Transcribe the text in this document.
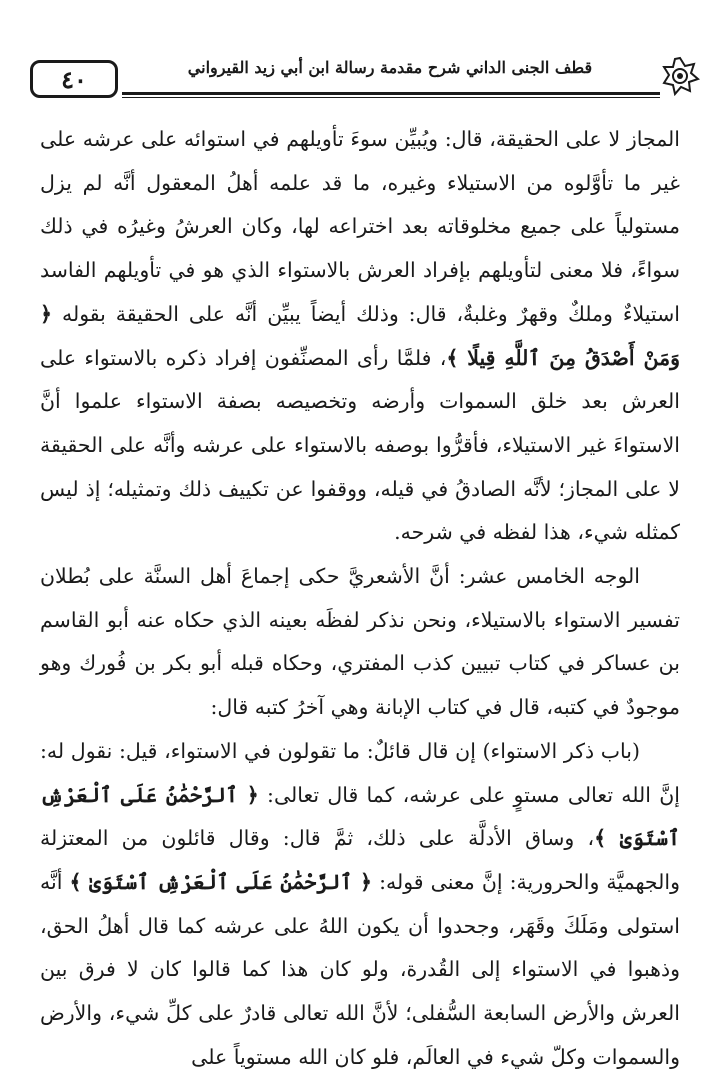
٤٠	قطف الجنى الداني شرح مقدمة رسالة ابن أبي زيد القيرواني

المجاز لا على الحقيقة، قال: ويُبيِّن سوءَ تأويلهم في استوائه على عرشه على غير ما تأوَّلوه من الاستيلاء وغيره، ما قد علمه أهلُ المعقول أنَّه لم يزل مستولياً على جميع مخلوقاته بعد اختراعه لها، وكان العرشُ وغيرُه في ذلك سواءً، فلا معنى لتأويلهم بإفراد العرش بالاستواء الذي هو في تأويلهم الفاسد استيلاءٌ وملكٌ وقهرٌ وغلبةٌ، قال: وذلك أيضاً يبيِّن أنَّه على الحقيقة بقوله ﴿ وَمَنْ أَصْدَقُ مِنَ ٱللَّهِ قِيلًا ﴾، فلمَّا رأى المصنِّفون إفراد ذكره بالاستواء على العرش بعد خلق السموات وأرضه وتخصيصه بصفة الاستواء علموا أنَّ الاستواءَ غير الاستيلاء، فأقرُّوا بوصفه بالاستواء على عرشه وأنَّه على الحقيقة لا على المجاز؛ لأنَّه الصادقُ في قيله، ووقفوا عن تكييف ذلك وتمثيله؛ إذ ليس كمثله شيء، هذا لفظه في شرحه.

الوجه الخامس عشر: أنَّ الأشعريَّ حكى إجماعَ أهل السنَّة على بُطلان تفسير الاستواء بالاستيلاء، ونحن نذكر لفظَه بعينه الذي حكاه عنه أبو القاسم بن عساكر في كتاب تبيين كذب المفتري، وحكاه قبله أبو بكر بن فُورك وهو موجودٌ في كتبه، قال في كتاب الإبانة وهي آخرُ كتبه قال:

(باب ذكر الاستواء) إن قال قائلٌ: ما تقولون في الاستواء، قيل: نقول له: إنَّ الله تعالى مستوٍ على عرشه، كما قال تعالى: ﴿ ٱلرَّحْمَٰنُ عَلَى ٱلْعَرْشِ ٱسْتَوَىٰ ﴾، وساق الأدلَّة على ذلك، ثمَّ قال: وقال قائلون من المعتزلة والجهميَّة والحرورية: إنَّ معنى قوله: ﴿ ٱلرَّحْمَٰنُ عَلَى ٱلْعَرْشِ ٱسْتَوَىٰ ﴾ أنَّه استولى ومَلَكَ وقَهَر، وجحدوا أن يكون اللهُ على عرشه كما قال أهلُ الحق، وذهبوا في الاستواء إلى القُدرة، ولو كان هذا كما قالوا كان لا فرق بين العرش والأرض السابعة السُّفلى؛ لأنَّ الله تعالى قادرٌ على كلِّ شيء، والأرض والسموات وكلّ شيء في العالَم، فلو كان الله مستوياً على
